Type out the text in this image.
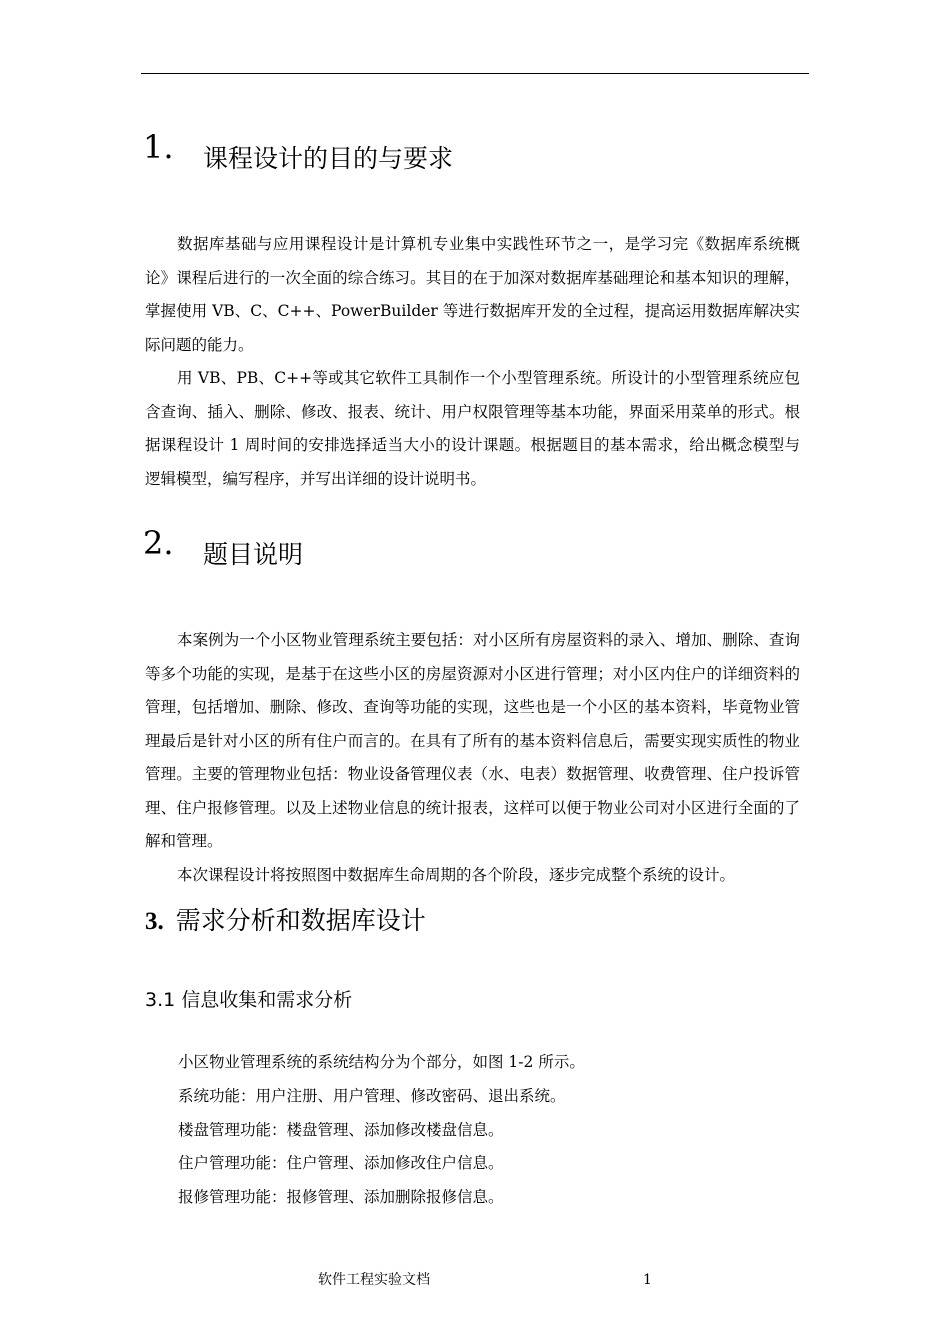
1. 课程设计的目的与要求

数据库基础与应用课程设计是计算机专业集中实践性环节之一，是学习完《数据库系统概论》课程后进行的一次全面的综合练习。其目的在于加深对数据库基础理论和基本知识的理解，掌握使用 VB、C、C++、PowerBuilder 等进行数据库开发的全过程，提高运用数据库解决实际问题的能力。

用 VB、PB、C++等或其它软件工具制作一个小型管理系统。所设计的小型管理系统应包含查询、插入、删除、修改、报表、统计、用户权限管理等基本功能，界面采用菜单的形式。根据课程设计 1 周时间的安排选择适当大小的设计课题。根据题目的基本需求，给出概念模型与逻辑模型，编写程序，并写出详细的设计说明书。

2. 题目说明

本案例为一个小区物业管理系统主要包括：对小区所有房屋资料的录入、增加、删除、查询等多个功能的实现，是基于在这些小区的房屋资源对小区进行管理；对小区内住户的详细资料的管理，包括增加、删除、修改、查询等功能的实现，这些也是一个小区的基本资料，毕竟物业管理最后是针对小区的所有住户而言的。在具有了所有的基本资料信息后，需要实现实质性的物业管理。主要的管理物业包括：物业设备管理仪表（水、电表）数据管理、收费管理、住户投诉管理、住户报修管理。以及上述物业信息的统计报表，这样可以便于物业公司对小区进行全面的了解和管理。

本次课程设计将按照图中数据库生命周期的各个阶段，逐步完成整个系统的设计。

3. 需求分析和数据库设计
3.1 信息收集和需求分析

小区物业管理系统的系统结构分为个部分，如图 1-2 所示。

系统功能：用户注册、用户管理、修改密码、退出系统。

楼盘管理功能：楼盘管理、添加修改楼盘信息。

住户管理功能：住户管理、添加修改住户信息。

报修管理功能：报修管理、添加删除报修信息。

软件工程实验文档	1
